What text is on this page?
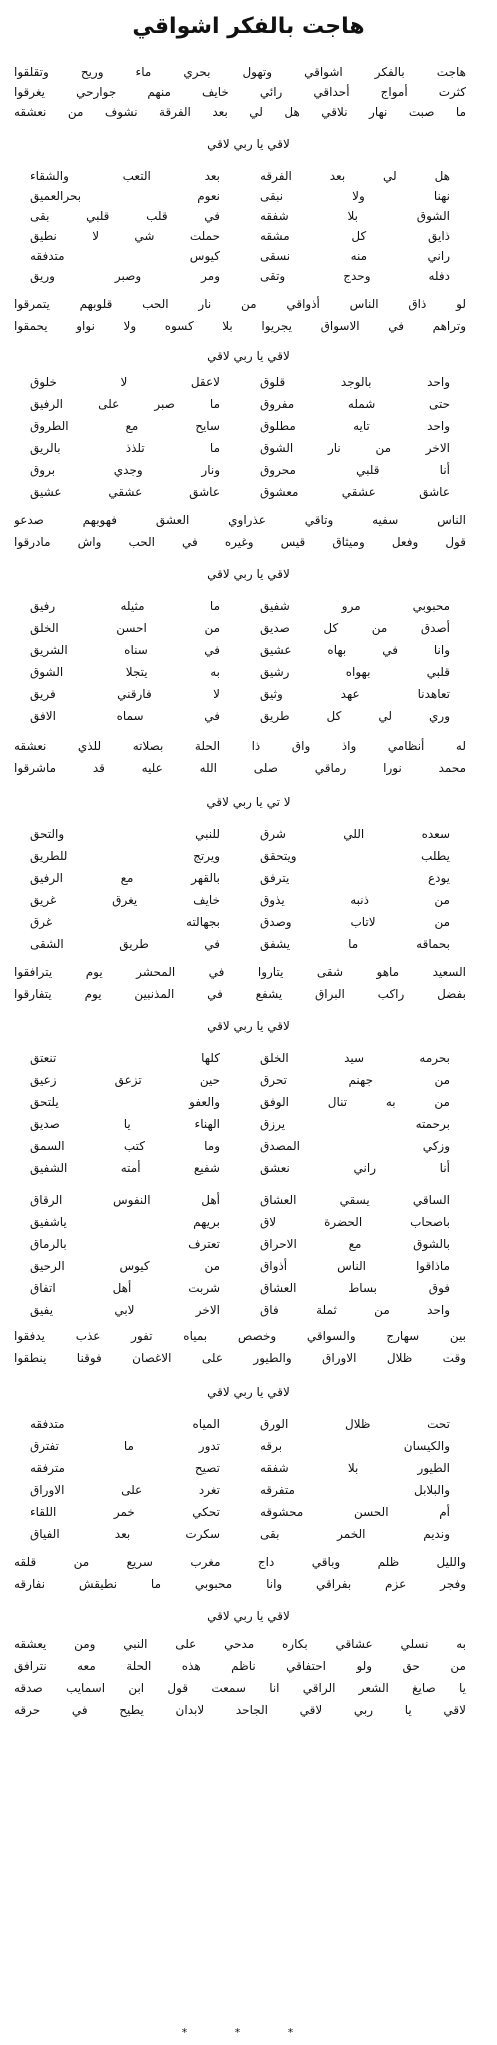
هاجت بالفكر اشواقي
هاجت بالفكر اشواقي وتهول بحري ماء وريح وتقلقوا
كثرت أمواج أحداقي رائي خايف منهم جوارحي يغرقوا
ما صبت نهار نلاقي هل لي بعد الفرقة نشوف من نعشقه
لاقي يا ربي لاقي
هل لي بعد الفرقه
بعد التعب والشقاء
نهنا ولا نبقى
نعوم بحرالعميق
الشوق بلا شفقه
في قلب قلبي بقى
ذايق كل مشقه
حملت شي لا نطيق
راني منه نسقى
كيوس متدفقه
دفله وحدج وتقى
ومر وصبر وريق
لو ذاق الناس أذواقي من نار الحب قلوبهم يتمرقوا
وتراهم في الاسواق يجريوا بلا كسوه ولا نواو يحمقوا
لاقي يا ربي لاقي
واحد بالوجد قلوق
لاعقل لا خلوق
حتى شمله مفروق
ما صبر على الرفيق
واحد تايه مطلوق
سايح مع الطروق
الاخر من نار الشوق
ما تلذذ بالريق
أنا قلبي محروق
ونار وجدي بروق
عاشق عشقي معشوق
عاشق عشقي عشيق
الناس سفيه وتاقي عذراوي العشق فهوبهم صدعو
قول وفعل وميثاق قيس وغيره في الحب واش مادرقوا
لاقي يا ربي لاقي
محبوبي مرو شفيق
ما مثيله رفيق
أصدق من كل صديق
من احسن الخلق
وانا في بهاه عشيق
في سناه الشريق
قلبي بهواه رشيق
به يتجلا الشوق
تعاهدنا عهد وثيق
لا فارقني فريق
وري لي كل طريق
في سماه الافق
له أنظامي واذ واق ذا الحلة بصلاته للذي نعشقه
محمد نورا رماقي صلى الله عليه قد ماشرقوا
لا تي يا ربي لاقي
سعده اللي شرق
للنبي والتحق
يطلب ويتحقق
ويرتج للطريق
يودع يترفق
بالقهر مع الرفيق
من ذنبه يذوق
خايف يغرق غريق
من لاتاب وصدق
بجهالته غرق
بحماقه ما يشفق
في طريق الشقى
السعيد ماهو شقى يتاروا في المحشر يوم يترافقوا
بفضل راكب البراق يشفع في المذنبين يوم يتفارقوا
لاقي يا ربي لاقي
بحرمه سيد الخلق
كلها تنعتق
من جهنم تحرق
حين تزعق زعيق
من به تنال الوفق
والعفو يلتحق
برحمته يرزق
الهناء يا صديق
وزكي المصدق
وما كتب السمق
أنا راني نعشق
شفيع أمته الشفيق
الساقي يسقي العشاق
أهل النفوس الرقاق
باصحاب الحضرة لاق
بريهم ياشفيق
بالشوق مع الاحراق
تعترف بالرماق
ماذاقوا الناس أذواق
من كيوس الرحيق
فوق بساط العشاق
شربت أهل اتفاق
واحد من ثملة فاق
الاخر لابي يفيق
بين سهارج والسواقي وخصص بمياه تفور عذب يدفقوا
وقت ظلال الاوراق والطيور على الاغصان فوقنا ينطقوا
لاقي يا ربي لاقي
تحت ظلال الورق
المياه متدفقه
والكيسان برقه
تدور ما تفترق
الطيور بلا شفقه
تصيح مترفقه
والبلابل متفرقه
تغرد على الاوراق
أم الحسن محشوقه
تحكي خمر اللقاء
ونديم الخمر بقى
سكرت بعد الفياق
والليل ظلم وباقي داج مغرب سريع من قلقه
وفجر عزم بفراقي وانا محبوبي ما نطيقش نفارقه
لاقي يا ربي لاقي
به نسلي عشاقي بكاره مدحي على النبي ومن يعشقه
من حق ولو احتفاقي ناظم هذه الحلة معه نترافق
يا صايغ الشعر الراقي انا سمعت قول ابن اسمايب صدقه
لاقي يا ربي لاقي الجاحد لابدان يطيح في حرقه
* * *
